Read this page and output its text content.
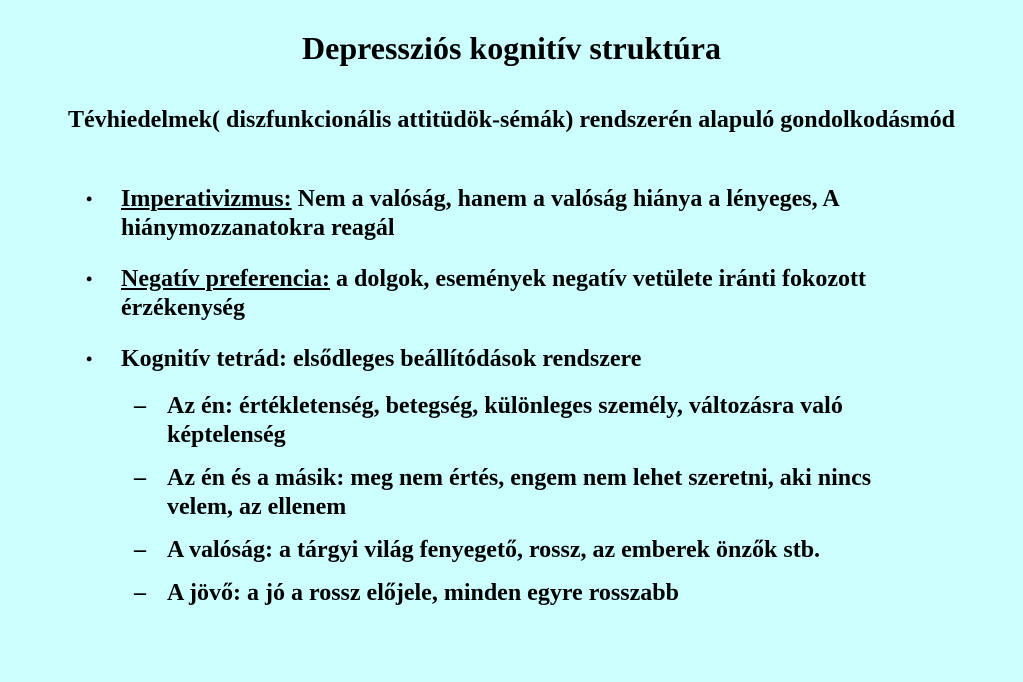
Depressziós kognitív struktúra
Tévhiedelmek( diszfunkcionális attitüdök-sémák) rendszerén alapuló gondolkodásmód
• Imperativizmus: Nem a valóság, hanem a valóság hiánya a lényeges, A hiánymozzanatokra reagál
• Negatív preferencia: a dolgok, események negatív vetülete iránti fokozott érzékenység
• Kognitív tetrád: elsődleges beállítódások rendszere
– Az én: értékletenség, betegség, különleges személy, változásra való képtelenség
– Az én és a másik: meg nem értés, engem nem lehet szeretni, aki nincs velem, az ellenem
– A valóság: a tárgyi világ fenyegető, rossz, az emberek önzők stb.
– A jövő: a jó a rossz előjele, minden egyre rosszabb
